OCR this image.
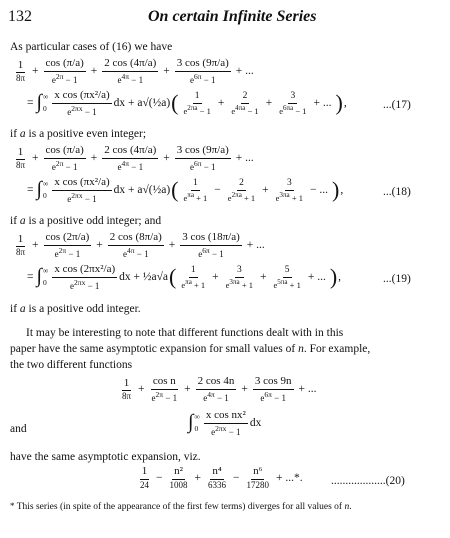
132	On certain Infinite Series
As particular cases of (16) we have
$\frac{1}{8\pi} + \frac{\cos (\pi/a)}{e^{2\pi} - 1} + \frac{2 \cos (4\pi/a)}{e^{4\pi} - 1} + \frac{3 \cos (9\pi/a)}{e^{6\pi} - 1}$ + ...
= ∫ ∞
$0 \frac{\text{x cos (πx²/a)}}{e^{2\pi x} - 1}$ dx + a√(½a) ( $\frac{1}{e^{2\pi a} - 1} + \frac{2}{e^{4\pi a} - 1} + \frac{3}{e^{6\pi a} - 1}$ + ... ) ,	...(17)
if a is a positive even integer;
$\frac{1}{8\pi} + \frac{\cos (\pi/a)}{e^{2\pi} - 1} + \frac{2 \cos (4\pi/a)}{e^{4\pi} - 1} + \frac{3 \cos (9\pi/a)}{e^{6\pi} - 1}$ + ...
= ∫ ∞
$0 \frac{\text{x cos (πx²/a)}}{e^{2\pi x} - 1}$ dx + a√(½a) ( $\frac{1}{e^{\pi a} + 1} - \frac{2}{e^{2\pi a} + 1} + \frac{3}{e^{3\pi a} + 1}$ − ... ) ,	...(18)
if a is a positive odd integer; and
$\frac{1}{8\pi} + \frac{\cos (2\pi/a)}{e^{2\pi} - 1} + \frac{2 \cos (8\pi/a)}{e^{4\pi} - 1} + \frac{3 \cos (18\pi/a)}{e^{6\pi} - 1}$ + ...
= ∫ ∞
$0 \frac{\text{x cos (2πx²/a)}}{e^{2\pi x} - 1}$ dx + ½a√a ( $\frac{1}{e^{\pi a} + 1} + \frac{3}{e^{3\pi a} + 1} + \frac{5}{e^{5\pi a} + 1}$ + ... ) ,	...(19)
if a is a positive odd integer.
It may be interesting to note that different functions dealt with in this
paper have the same asymptotic expansion for small values of n. For example,
the two different functions
$\frac{1}{8\pi} + \frac{\text{cos n}}{e^{2\pi} - 1} + \frac{2 \cos 4n}{e^{4\pi} - 1} + \frac{3 \cos 9n}{e^{6\pi} - 1}$ + ...
and	∫ ∞
$0 \frac{\text{x cos nx²}}{e^{2\pi x} - 1}$ dx
have the same asymptotic expansion, viz.
$\frac{1}{24} - \frac{\text{n²}}{1008} + \frac{\text{n⁴}}{6336} - \frac{\text{n⁶}}{17280}$ + ...*. ...................(20)
* This series (in spite of the appearance of the first few terms) diverges for all values of n.
